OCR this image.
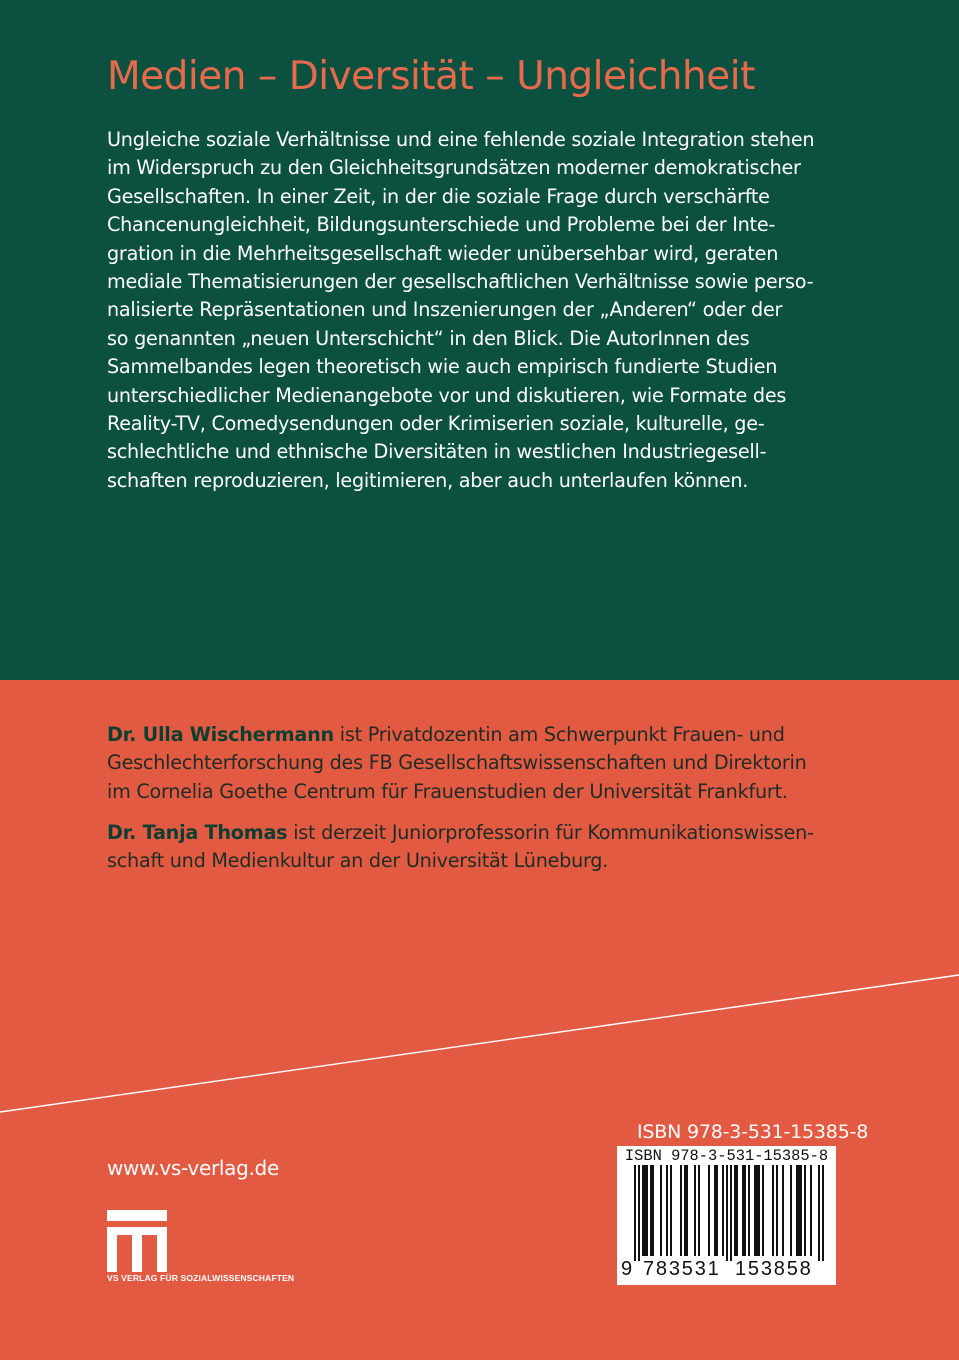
Medien – Diversität – Ungleichheit
Ungleiche soziale Verhältnisse und eine fehlende soziale Integration stehen
im Widerspruch zu den Gleichheitsgrundsätzen moderner demokratischer
Gesellschaften. In einer Zeit, in der die soziale Frage durch verschärfte
Chancenungleichheit, Bildungsunterschiede und Probleme bei der Inte-
gration in die Mehrheitsgesellschaft wieder unübersehbar wird, geraten
mediale Thematisierungen der gesellschaftlichen Verhältnisse sowie perso-
nalisierte Repräsentationen und Inszenierungen der „Anderen“ oder der
so genannten „neuen Unterschicht“ in den Blick. Die AutorInnen des
Sammelbandes legen theoretisch wie auch empirisch fundierte Studien
unterschiedlicher Medienangebote vor und diskutieren, wie Formate des
Reality-TV, Comedysendungen oder Krimiserien soziale, kulturelle, ge-
schlechtliche und ethnische Diversitäten in westlichen Industriegesell-
schaften reproduzieren, legitimieren, aber auch unterlaufen können.
Dr. Ulla Wischermann ist Privatdozentin am Schwerpunkt Frauen- und
Geschlechterforschung des FB Gesellschaftswissenschaften und Direktorin
im Cornelia Goethe Centrum für Frauenstudien der Universität Frankfurt.
Dr. Tanja Thomas ist derzeit Juniorprofessorin für Kommunikationswissen-
schaft und Medienkultur an der Universität Lüneburg.
ISBN 978-3-531-15385-8
www.vs-verlag.de
VS VERLAG FÜR SOZIALWISSENSCHAFTEN
ISBN 978-3-531-15385-8
9 783531 153858
